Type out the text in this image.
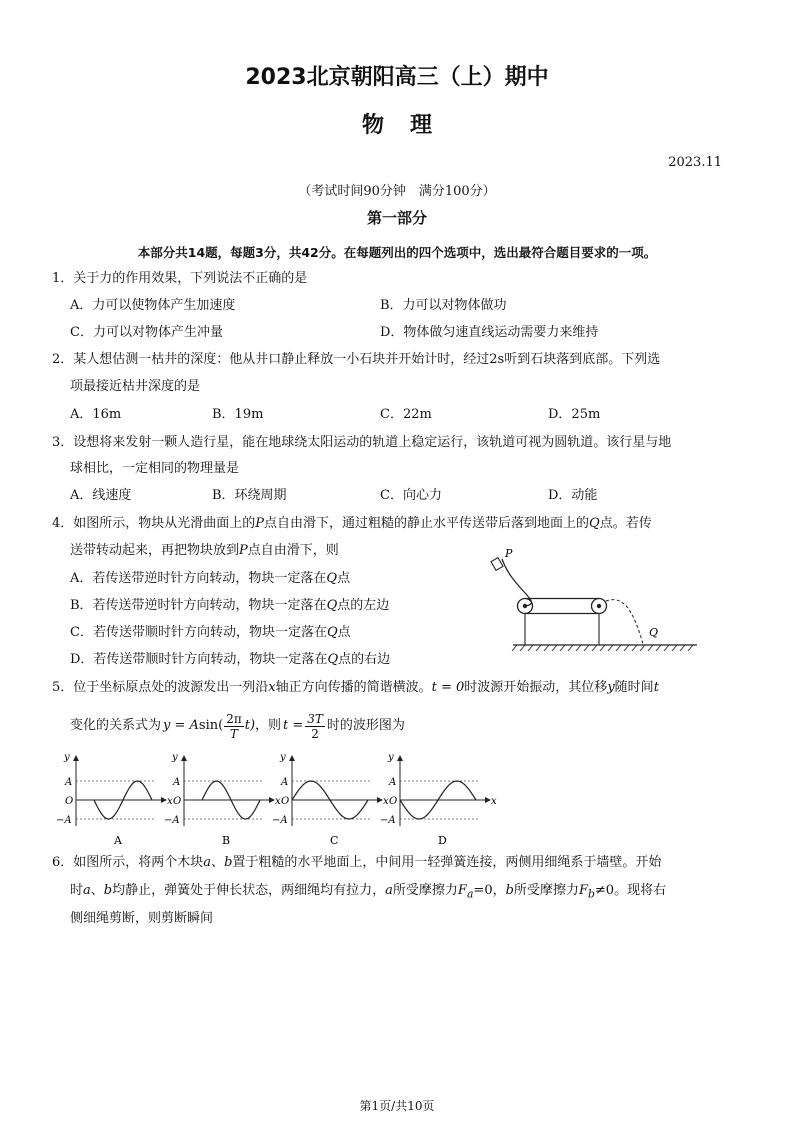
2023北京朝阳高三（上）期中
物理
2023.11
（考试时间90分钟　满分100分）
第一部分
本部分共14题，每题3分，共42分。在每题列出的四个选项中，选出最符合题目要求的一项。
1．关于力的作用效果，下列说法不正确的是
A．力可以使物体产生加速度	B．力可以对物体做功
C．力可以对物体产生冲量	D．物体做匀速直线运动需要力来维持
2．某人想估测一枯井的深度：他从井口静止释放一小石块并开始计时，经过2s听到石块落到底部。下列选
项最接近枯井深度的是
A．16m	B．19m	C．22m	D．25m
3．设想将来发射一颗人造行星，能在地球绕太阳运动的轨道上稳定运行，该轨道可视为圆轨道。该行星与地
球相比，一定相同的物理量是
A．线速度	B．环绕周期	C．向心力	D．动能
4．如图所示，物块从光滑曲面上的P点自由滑下，通过粗糙的静止水平传送带后落到地面上的Q点。若传
送带转动起来，再把物块放到P点自由滑下，则
A．若传送带逆时针方向转动，物块一定落在Q点
B．若传送带逆时针方向转动，物块一定落在Q点的左边
C．若传送带顺时针方向转动，物块一定落在Q点
D．若传送带顺时针方向转动，物块一定落在Q点的右边
P
Q
5．位于坐标原点处的波源发出一列沿x轴正方向传播的简谐横波。t = 0时波源开始振动，其位移y随时间t
变化的关系式为 y = A sin( 2π
T
t) ，则 $t = \frac{3T}{2}$ 时的波形图为
y
x
A
−A
O
A
y
x
A
−A
O
B
y
x
A
−A
O
C
y
x
A
−A
O
D
6．如图所示，将两个木块a、b置于粗糙的水平地面上，中间用一轻弹簧连接，两侧用细绳系于墙壁。开始
时a、b均静止，弹簧处于伸长状态，两细绳均有拉力，a所受摩擦力$F_a=0$，b所受摩擦力$F_b\ne 0$。现将右
侧细绳剪断，则剪断瞬间
第1页/共10页
